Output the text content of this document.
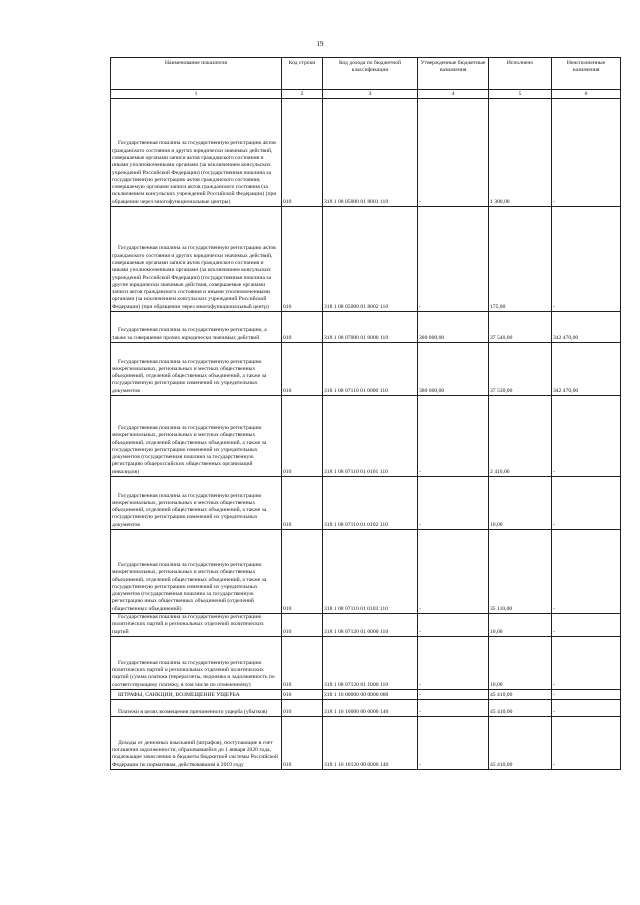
19
Наименование показателя	Код строки	Код дохода по бюджетной классификации	Утвержденные бюджетные назначения	Исполнено	Неисполненные назначения
1	2	3	4	5	6

Государственная пошлина за государственную регистрацию актов гражданского состояния и других юридически значимых действий, совершаемые органами записи актов гражданского состояния и иными уполномоченными органами (за исключением консульских учреждений Российской Федерации) (государственная пошлина за государственную регистрацию актов гражданского состояния, совершаемую органами записи актов гражданского состояния (за исключением консульских учреждений Российской Федерации) (при обращении через многофункциональные центры)	010	318 1 08 05000 01 8001 110	-	1 300,00	-

Государственная пошлина за государственную регистрацию актов гражданского состояния и других юридически значимых действий, совершаемые органами записи актов гражданского состояния и иными уполномоченными органами (за исключением консульских учреждений Российской Федерации) (государственная пошлина за другие юридически значимые действия, совершаемые органами записи актов гражданского состояния и иными уполномоченными органами (за исключением консульских учреждений Российской Федерации) (при обращении через многофункциональный центр)	010	318 1 08 05000 01 8002 110	-	175,00	-

Государственная пошлина за государственную регистрацию, а также за совершение прочих юридически значимых действий	010	318 1 08 07000 01 0000 110	380 000,00	37 540,00	342 470,00

Государственная пошлина за государственную регистрацию межрегиональных, региональных и местных общественных объединений, отделений общественных объединений, а также за государственную регистрацию изменений их учредительных документов	010	318 1 08 07110 01 0000 110	380 000,00	37 530,00	342 470,00

Государственная пошлина за государственную регистрацию межрегиональных, региональных и местных общественных объединений, отделений общественных объединений, а также за государственную регистрацию изменений их учредительных документов (государственная пошлина за государственную регистрацию общероссийских общественных организаций инвалидов)	010	318 1 08 07110 01 0101 110	-	2 410,00	-

Государственная пошлина за государственную регистрацию межрегиональных, региональных и местных общественных объединений, отделений общественных объединений, а также за государственную регистрацию изменений их учредительных документов	010	318 1 08 07110 01 0102 110	-	10,00	-

Государственная пошлина за государственную регистрацию межрегиональных, региональных и местных общественных объединений, отделений общественных объединений, а также за государственную регистрацию изменений их учредительных документов (государственная пошлина за государственную регистрацию иных общественных объединений (отделений общественных объединений)	010	318 1 08 07110 01 0103 110	-	35 110,00	-

Государственная пошлина за государственную регистрацию политических партий и региональных отделений политических партий	010	318 1 08 07120 01 0000 110	-	10,00	-

Государственная пошлина за государственную регистрацию политических партий и региональных отделений политических партий (сумма платежа (перерасчеты, недоимка и задолженность по соответствующему платежу, в том числе по отмененному)	010	318 1 08 07120 01 1000 110	-	10,00	-

ШТРАФЫ, САНКЦИИ, ВОЗМЕЩЕНИЕ УЩЕРБА	010	318 1 16 00000 00 0000 000	-	45 410,00	-

Платежи в целях возмещения причиненного ущерба (убытков)	010	318 1 16 10000 00 0000 140	-	45 410,00	-

Доходы от денежных взысканий (штрафов), поступающие в счет погашения задолженности, образовавшейся до 1 января 2020 года, подлежащие зачислению в бюджеты бюджетной системы Российской Федерации по нормативам, действовавшим в 2019 году	010	318 1 16 10120 00 0000 140	-	45 410,00	-
